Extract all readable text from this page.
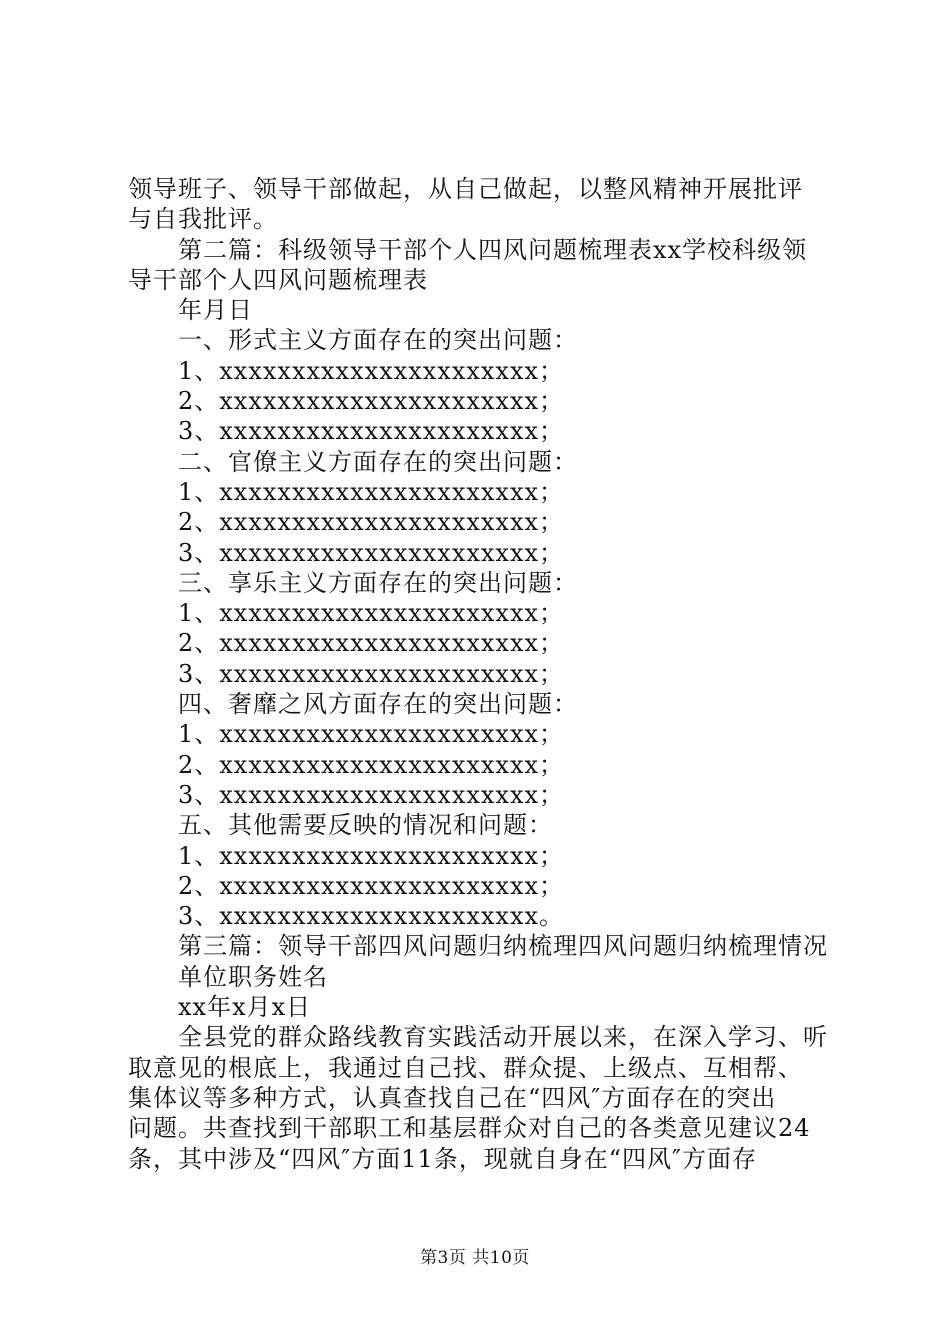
领导班子、领导干部做起，从自己做起，以整风精神开展批评
与自我批评。
第二篇：科级领导干部个人四风问题梳理表xx学校科级领
导干部个人四风问题梳理表
年月日
一、形式主义方面存在的突出问题：
1、xxxxxxxxxxxxxxxxxxxxxx；
2、xxxxxxxxxxxxxxxxxxxxxx；
3、xxxxxxxxxxxxxxxxxxxxxx；
二、官僚主义方面存在的突出问题：
1、xxxxxxxxxxxxxxxxxxxxxx；
2、xxxxxxxxxxxxxxxxxxxxxx；
3、xxxxxxxxxxxxxxxxxxxxxx；
三、享乐主义方面存在的突出问题：
1、xxxxxxxxxxxxxxxxxxxxxx；
2、xxxxxxxxxxxxxxxxxxxxxx；
3、xxxxxxxxxxxxxxxxxxxxxx；
四、奢靡之风方面存在的突出问题：
1、xxxxxxxxxxxxxxxxxxxxxx；
2、xxxxxxxxxxxxxxxxxxxxxx；
3、xxxxxxxxxxxxxxxxxxxxxx；
五、其他需要反映的情况和问题：
1、xxxxxxxxxxxxxxxxxxxxxx；
2、xxxxxxxxxxxxxxxxxxxxxx；
3、xxxxxxxxxxxxxxxxxxxxxx。
第三篇：领导干部四风问题归纳梳理四风问题归纳梳理情况
单位职务姓名
xx年x月x日
全县党的群众路线教育实践活动开展以来，在深入学习、听
取意见的根底上，我通过自己找、群众提、上级点、互相帮、
集体议等多种方式，认真查找自己在“四风″方面存在的突出
问题。共查找到干部职工和基层群众对自己的各类意见建议24
条，其中涉及“四风″方面11条，现就自身在“四风″方面存
第3页 共10页
